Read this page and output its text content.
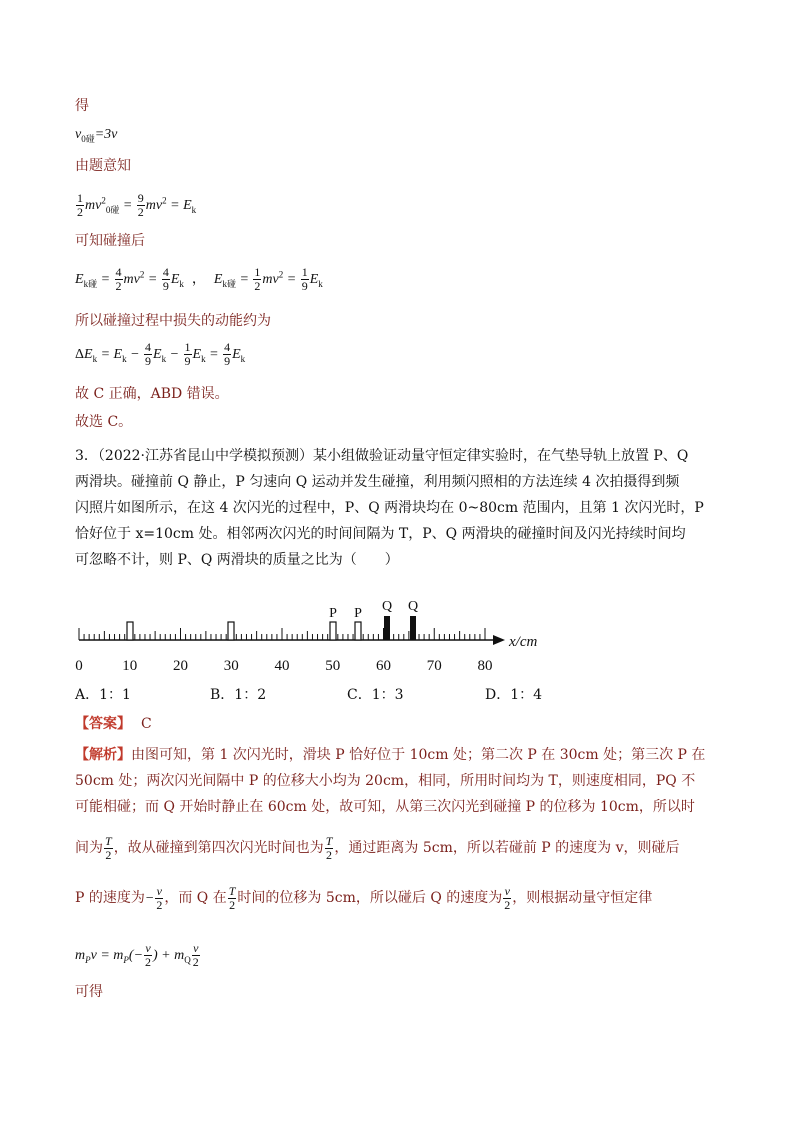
得
$v_{0碰}=3v$
由题意知
$\frac{1}{2} mv^2_{0碰} = \frac{9}{2} mv^2 = E_k$
可知碰撞后
$E_{k碰} = \frac{4}{2} mv^2 = \frac{4}{9} E_k$ ， $E_{k碰} = \frac{1}{2} mv^2 = \frac{1}{9} E_k$
所以碰撞过程中损失的动能约为
$\Delta E_k = E_k - \frac{4}{9} E_k - \frac{1}{9} E_k = \frac{4}{9} E_k$
故 C 正确，ABD 错误。
故选 C。
3．（2022·江苏省昆山中学模拟预测）某小组做验证动量守恒定律实验时，在气垫导轨上放置 P、Q
两滑块。碰撞前 Q 静止，P 匀速向 Q 运动并发生碰撞，利用频闪照相的方法连续 4 次拍摄得到频
闪照片如图所示，在这 4 次闪光的过程中，P、Q 两滑块均在 0~80cm 范围内，且第 1 次闪光时，P
恰好位于 x=10cm 处。相邻两次闪光的时间间隔为 T，P、Q 两滑块的碰撞时间及闪光持续时间均
可忽略不计，则 P、Q 两滑块的质量之比为（　　）
P P Q Q
x/cm
0	10 20 30 40 50 60 70 80
A．1：1	B．1：2	C．1：3	D．1：4
【答案】 C
【解析】由图可知，第 1 次闪光时，滑块 P 恰好位于 10cm 处；第二次 P 在 30cm 处；第三次 P 在
50cm 处；两次闪光间隔中 P 的位移大小均为 20cm，相同，所用时间均为 T，则速度相同，PQ 不
可能相碰；而 Q 开始时静止在 60cm 处，故可知，从第三次闪光到碰撞 P 的位移为 10cm，所以时
间为 $\frac{T}{2}$ ，故从碰撞到第四次闪光时间也为 $\frac{T}{2}$ ，通过距离为 5cm，所以若碰前 P 的速度为 v，则碰后
P 的速度为− $\frac{v}{2}$ ，而 Q 在 $\frac{T}{2}$ 时间的位移为 5cm，所以碰后 Q 的速度为 $\frac{v}{2}$ ，则根据动量守恒定律
$m_Pv = m_P(- \frac{v}{2}$ ) + $m_Q \frac{v}{2}$
可得
